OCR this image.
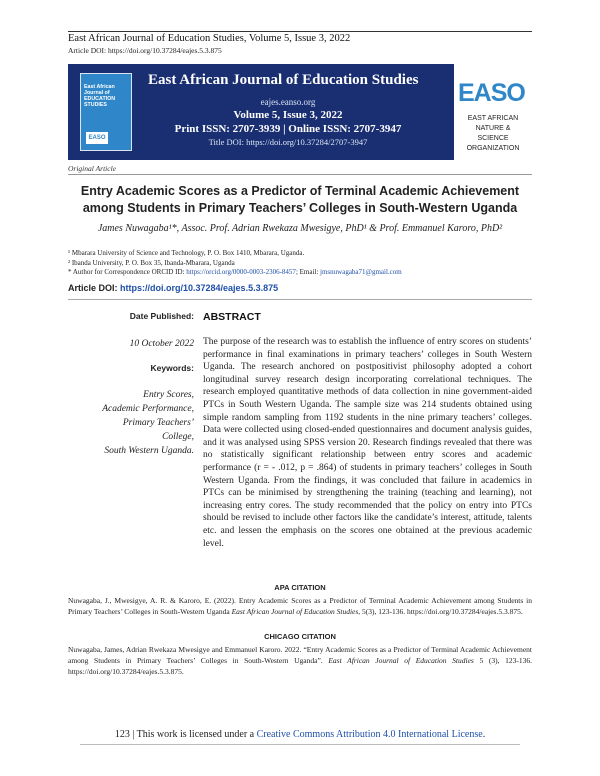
East African Journal of Education Studies, Volume 5, Issue 3, 2022
Article DOI: https://doi.org/10.37284/eajes.5.3.875
East African Journal of EDUCATION STUDIES
EASO
East African Journal of Education Studies
eajes.eanso.org
Volume 5, Issue 3, 2022
Print ISSN: 2707-3939 | Online ISSN: 2707-3947
Title DOI: https://doi.org/10.37284/2707-3947
EASO
EAST AFRICAN
NATURE &
SCIENCE
ORGANIZATION
Original Article
Entry Academic Scores as a Predictor of Terminal Academic Achievement
among Students in Primary Teachers’ Colleges in South-Western Uganda
James Nuwagaba¹*, Assoc. Prof. Adrian Rwekaza Mwesigye, PhD¹ & Prof. Emmanuel Karoro, PhD²
¹ Mbarara University of Science and Technology, P. O. Box 1410, Mbarara, Uganda.
² Ibanda University, P. O. Box 35, Ibanda-Mbarara, Uganda
* Author for Correspondence ORCID ID: https://orcid.org/0000-0003-2306-8457; Email: jmsnuwagaba71@gmail.com
Article DOI: https://doi.org/10.37284/eajes.5.3.875
Date Published:
10 October 2022
Keywords:
Entry Scores,
Academic Performance,
Primary Teachers’
College,
South Western Uganda.
ABSTRACT
The purpose of the research was to establish the influence of entry scores on students’ performance in final examinations in primary teachers’ colleges in South Western Uganda. The research anchored on postpositivist philosophy adopted a cohort longitudinal survey research design incorporating correlational techniques. The research employed quantitative methods of data collection in nine government-aided PTCs in South Western Uganda. The sample size was 214 students obtained using simple random sampling from 1192 students in the nine primary teachers’ colleges. Data were collected using closed-ended questionnaires and document analysis guides, and it was analysed using SPSS version 20. Research findings revealed that there was no statistically significant relationship between entry scores and academic performance (r = - .012, p = .864) of students in primary teachers’ colleges in South Western Uganda. From the findings, it was concluded that failure in academics in PTCs can be minimised by strengthening the training (teaching and learning), not increasing entry cores. The study recommended that the policy on entry into PTCs should be revised to include other factors like the candidate’s interest, attitude, talents etc. and lessen the emphasis on the scores one obtained at the previous academic level.
APA CITATION
Nuwagaba, J., Mwesigye, A. R. & Karoro, E. (2022). Entry Academic Scores as a Predictor of Terminal Academic Achievement among Students in Primary Teachers’ Colleges in South-Western Uganda East African Journal of Education Studies, 5(3), 123-136. https://doi.org/10.37284/eajes.5.3.875.
CHICAGO CITATION
Nuwagaba, James, Adrian Rwekaza Mwesigye and Emmanuel Karoro. 2022. “Entry Academic Scores as a Predictor of Terminal Academic Achievement among Students in Primary Teachers’ Colleges in South-Western Uganda”. East African Journal of Education Studies 5 (3), 123-136. https://doi.org/10.37284/eajes.5.3.875.
123 | This work is licensed under a Creative Commons Attribution 4.0 International License.
